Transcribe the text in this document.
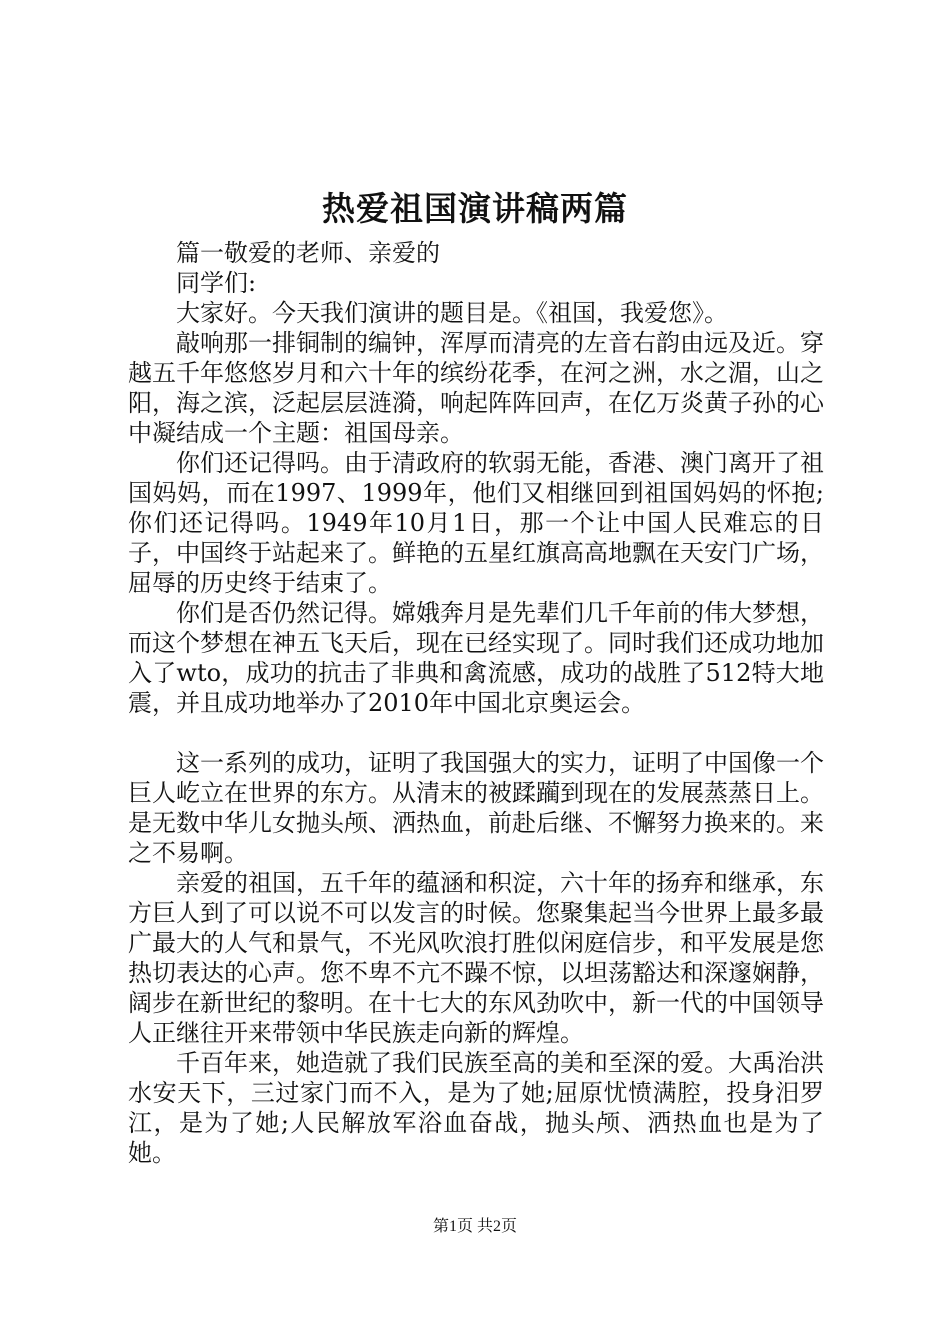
热爱祖国演讲稿两篇

篇一敬爱的老师、亲爱的

同学们:

大家好。今天我们演讲的题目是。《祖国，我爱您》。

敲响那一排铜制的编钟，浑厚而清亮的左音右韵由远及近。穿越五千年悠悠岁月和六十年的缤纷花季，在河之洲，水之湄，山之阳，海之滨，泛起层层涟漪，响起阵阵回声，在亿万炎黄子孙的心中凝结成一个主题：祖国母亲。

你们还记得吗。由于清政府的软弱无能，香港、澳门离开了祖国妈妈，而在1997、1999年，他们又相继回到祖国妈妈的怀抱;你们还记得吗。1949年10月1日，那一个让中国人民难忘的日子，中国终于站起来了。鲜艳的五星红旗高高地飘在天安门广场，屈辱的历史终于结束了。

你们是否仍然记得。嫦娥奔月是先辈们几千年前的伟大梦想，而这个梦想在神五飞天后，现在已经实现了。同时我们还成功地加入了wto，成功的抗击了非典和禽流感，成功的战胜了512特大地震，并且成功地举办了2010年中国北京奥运会。

这一系列的成功，证明了我国强大的实力，证明了中国像一个巨人屹立在世界的东方。从清末的被蹂躏到现在的发展蒸蒸日上。是无数中华儿女抛头颅、洒热血，前赴后继、不懈努力换来的。来之不易啊。

亲爱的祖国，五千年的蕴涵和积淀，六十年的扬弃和继承，东方巨人到了可以说不可以发言的时候。您聚集起当今世界上最多最广最大的人气和景气，不光风吹浪打胜似闲庭信步，和平发展是您热切表达的心声。您不卑不亢不躁不惊，以坦荡豁达和深邃娴静，阔步在新世纪的黎明。在十七大的东风劲吹中，新一代的中国领导人正继往开来带领中华民族走向新的辉煌。

千百年来，她造就了我们民族至高的美和至深的爱。大禹治洪水安天下，三过家门而不入，是为了她;屈原忧愤满腔，投身汨罗江，是为了她;人民解放军浴血奋战，抛头颅、洒热血也是为了她。

第1页 共2页
